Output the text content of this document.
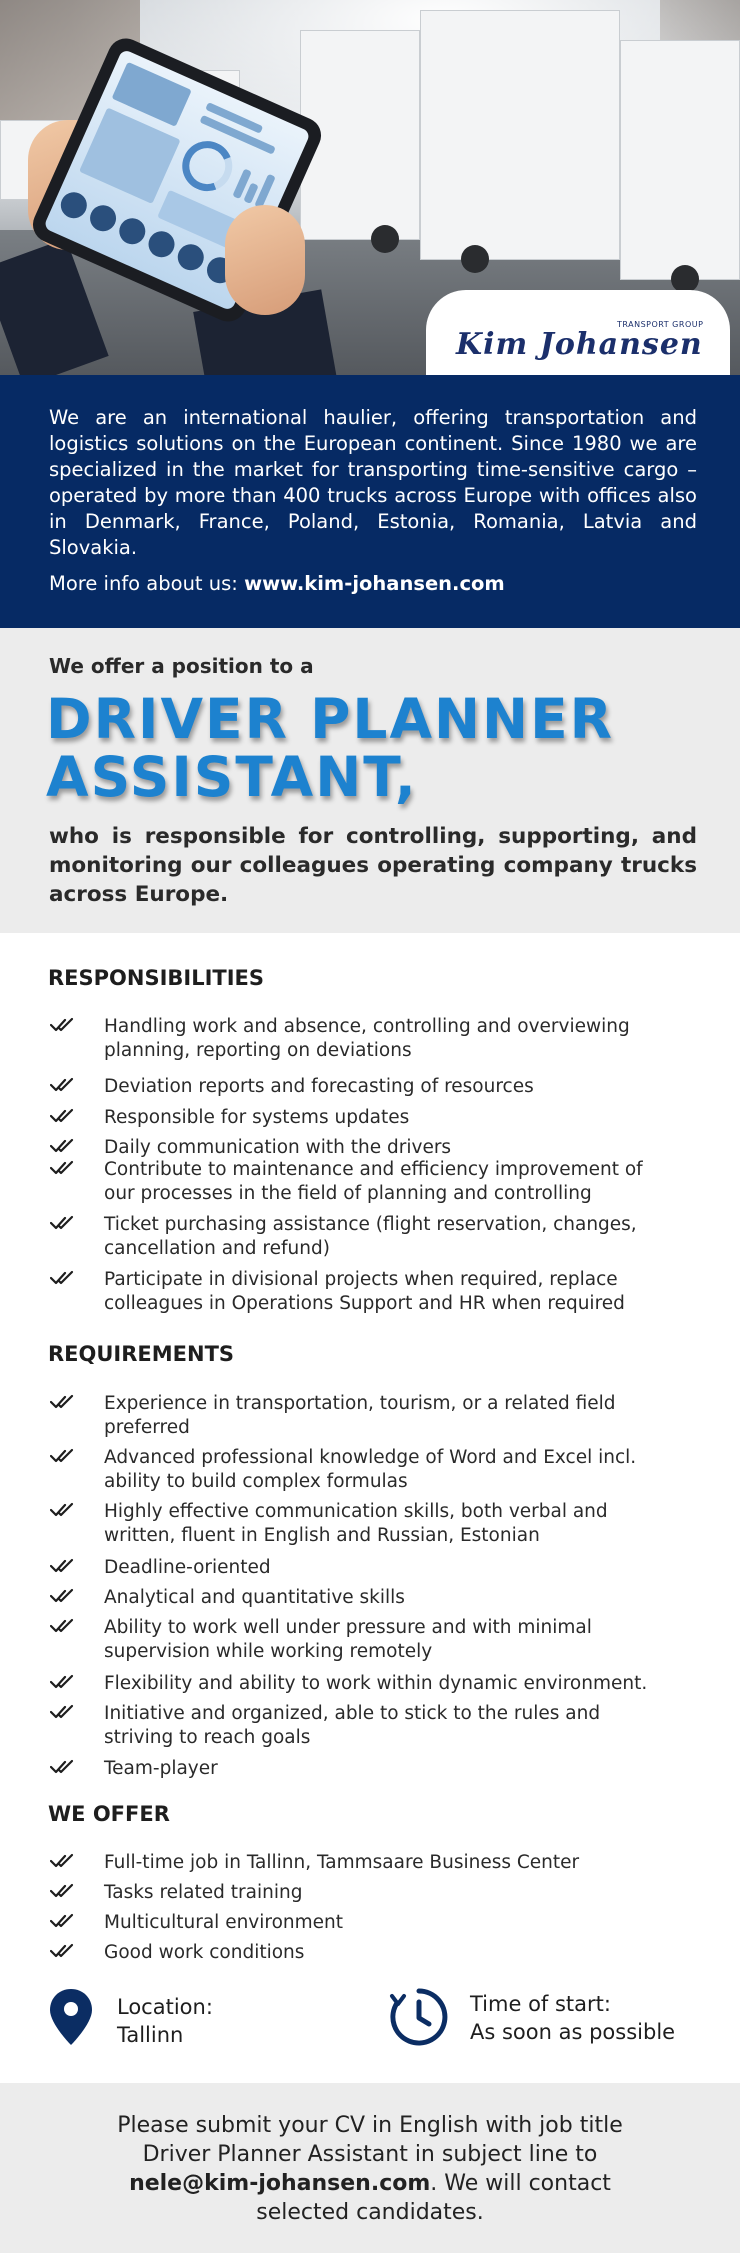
TRANSPORT GROUP
Kim Johansen

We are an international haulier, offering transportation and logistics solutions on the European continent. Since 1980 we are specialized in the market for transporting time-sensitive cargo – operated by more than 400 trucks across Europe with offices also in Denmark, France, Poland, Estonia, Romania, Latvia and Slovakia.

More info about us: www.kim-johansen.com

We offer a position to a
DRIVER PLANNER
ASSISTANT,
who is responsible for controlling, supporting, and monitoring our colleagues operating company trucks across Europe.
RESPONSIBILITIES
Handling work and absence, controlling and overviewing
planning, reporting on deviations
Deviation reports and forecasting of resources
Responsible for systems updates
Daily communication with the drivers
Contribute to maintenance and efficiency improvement of
our processes in the field of planning and controlling
Ticket purchasing assistance (flight reservation, changes,
cancellation and refund)
Participate in divisional projects when required, replace
colleagues in Operations Support and HR when required
REQUIREMENTS
Experience in transportation, tourism, or a related field
preferred
Advanced professional knowledge of Word and Excel incl.
ability to build complex formulas
Highly effective communication skills, both verbal and
written, fluent in English and Russian, Estonian
Deadline-oriented
Analytical and quantitative skills
Ability to work well under pressure and with minimal
supervision while working remotely
Flexibility and ability to work within dynamic environment.
Initiative and organized, able to stick to the rules and
striving to reach goals
Team-player
WE OFFER
Full-time job in Tallinn, Tammsaare Business Center
Tasks related training
Multicultural environment
Good work conditions
Location:
Tallinn
Time of start:
As soon as possible

Please submit your CV in English with job title
Driver Planner Assistant in subject line to
nele@kim-johansen.com. We will contact
selected candidates.
